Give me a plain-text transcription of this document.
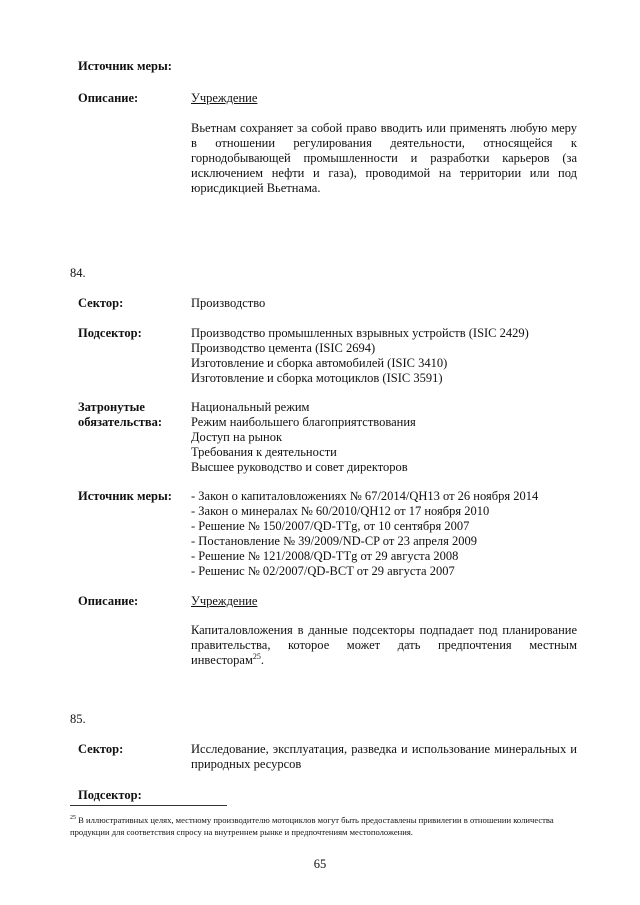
Источник меры:
Описание:	Учреждение
Вьетнам сохраняет за собой право вводить или применять любую меру в отношении регулирования деятельности, относящейся к горнодобывающей промышленности и разработки карьеров (за исключением нефти и газа), проводимой на территории или под юрисдикцией Вьетнама.
84.
Сектор:	Производство
Подсектор:	Производство промышленных взрывных устройств (ISIC 2429)
Производство цемента (ISIC 2694)
Изготовление и сборка автомобилей (ISIC 3410)
Изготовление и сборка мотоциклов (ISIC 3591)
Затронутые
обязательства:
Национальный режим
Режим наибольшего благоприятствования
Доступ на рынок
Требования к деятельности
Высшее руководство и совет директоров
Источник меры: - Закон о капиталовложениях № 67/2014/QH13 от 26 ноября 2014
- Закон о минералах № 60/2010/QH12 от 17 ноября 2010
- Решение № 150/2007/QD-TTg, от 10 сентября 2007
- Постановление № 39/2009/ND-CP от 23 апреля 2009
- Решение № 121/2008/QD-TTg от 29 августа 2008
- Решенис № 02/2007/QD-BCT от 29 августа 2007
Описание:	Учреждение
Капиталовложения в данные подсекторы подпадает под планирование правительства, которое может дать предпочтения местным инвесторам$^{25}$.
85.
Сектор:	Исследование, эксплуатация, разведка и использование минеральных и природных ресурсов
Подсектор:
$^{25}$ В иллюстративных целях, местному производителю мотоциклов могут быть предоставлены привилегии в отношении количества продукции для соответствия спросу на внутреннем рынке и предпочтениям местоположения.
65
